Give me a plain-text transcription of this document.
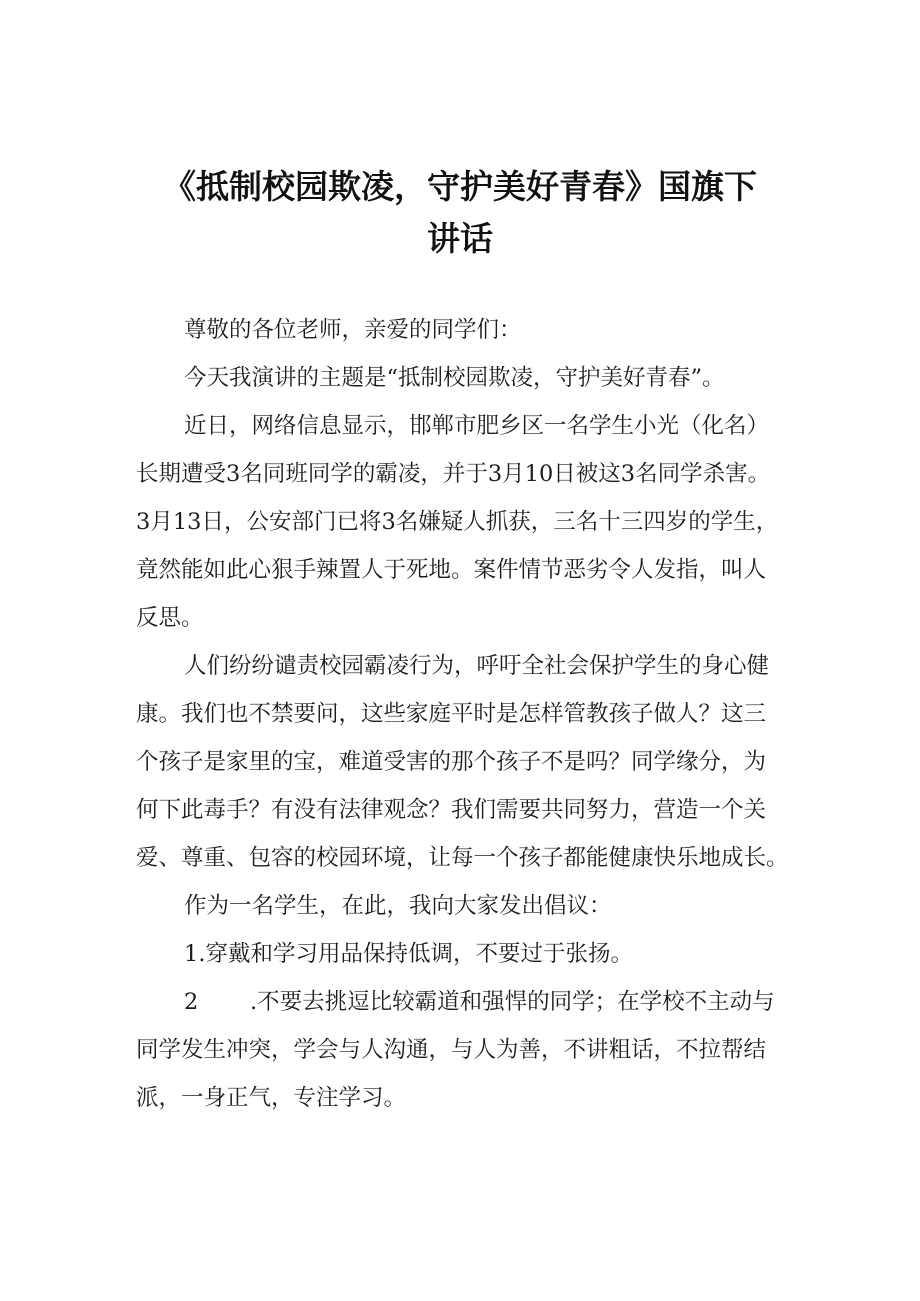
《抵制校园欺凌，守护美好青春》国旗下
讲话

尊敬的各位老师，亲爱的同学们：

今天我演讲的主题是“抵制校园欺凌，守护美好青春”。

近日，网络信息显示，邯郸市肥乡区一名学生小光（化名）

长期遭受3名同班同学的霸凌，并于3月10日被这3名同学杀害。

3月13日，公安部门已将3名嫌疑人抓获，三名十三四岁的学生，

竟然能如此心狠手辣置人于死地。案件情节恶劣令人发指，叫人

反思。

人们纷纷谴责校园霸凌行为，呼吁全社会保护学生的身心健

康。我们也不禁要问，这些家庭平时是怎样管教孩子做人？这三

个孩子是家里的宝，难道受害的那个孩子不是吗？同学缘分，为

何下此毒手？有没有法律观念？我们需要共同努力，营造一个关

爱、尊重、包容的校园环境，让每一个孩子都能健康快乐地成长。

作为一名学生，在此，我向大家发出倡议：

1.穿戴和学习用品保持低调，不要过于张扬。

2 .不要去挑逗比较霸道和强悍的同学；在学校不主动与

同学发生冲突，学会与人沟通，与人为善，不讲粗话，不拉帮结

派，一身正气，专注学习。
